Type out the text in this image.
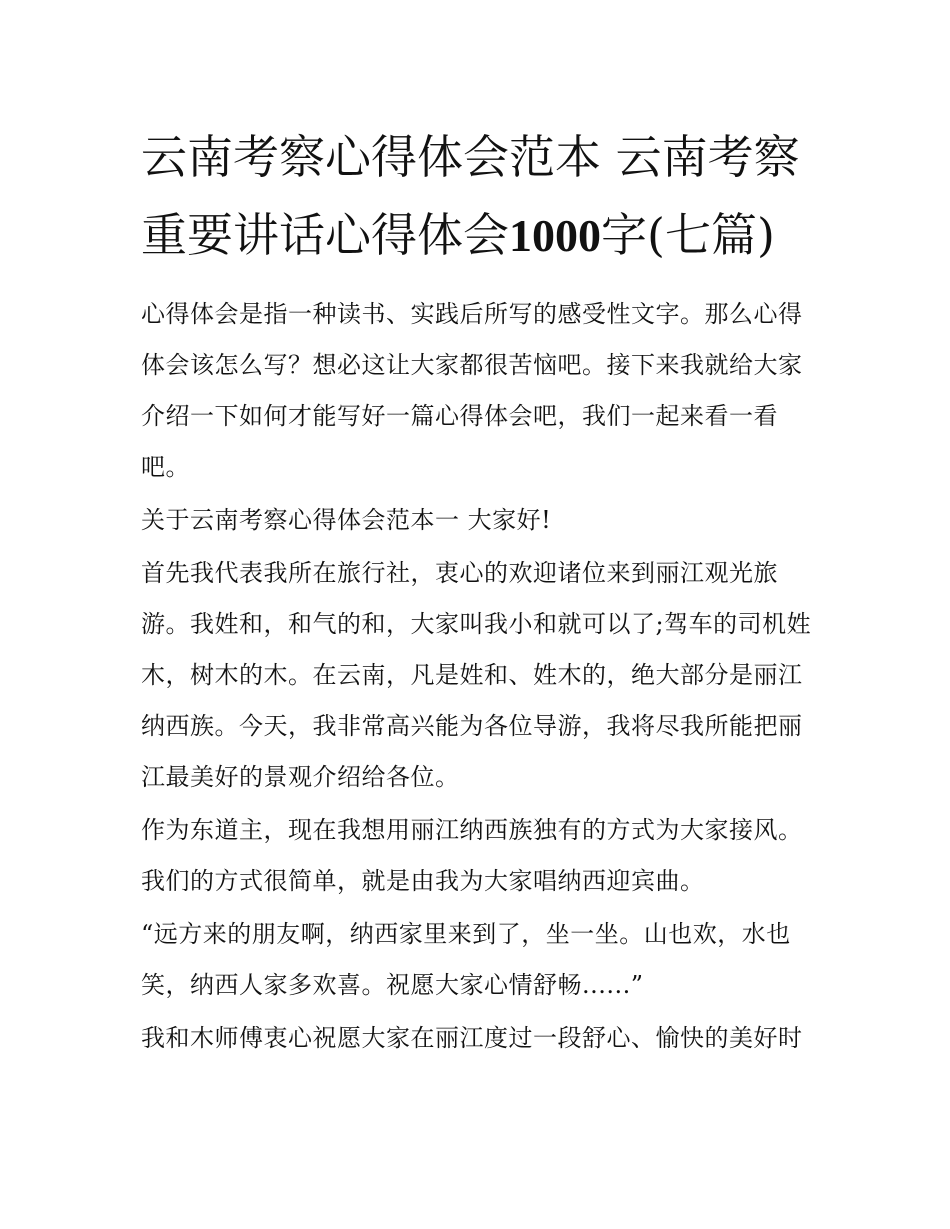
云南考察心得体会范本 云南考察重要讲话心得体会1000字(七篇)

心得体会是指一种读书、实践后所写的感受性文字。那么心得体会该怎么写？想必这让大家都很苦恼吧。接下来我就给大家介绍一下如何才能写好一篇心得体会吧，我们一起来看一看吧。

关于云南考察心得体会范本一 大家好!

首先我代表我所在旅行社，衷心的欢迎诸位来到丽江观光旅游。我姓和，和气的和，大家叫我小和就可以了;驾车的司机姓木，树木的木。在云南，凡是姓和、姓木的，绝大部分是丽江纳西族。今天，我非常高兴能为各位导游，我将尽我所能把丽江最美好的景观介绍给各位。

作为东道主，现在我想用丽江纳西族独有的方式为大家接风。我们的方式很简单，就是由我为大家唱纳西迎宾曲。

“远方来的朋友啊，纳西家里来到了，坐一坐。山也欢，水也笑，纳西人家多欢喜。祝愿大家心情舒畅......”

我和木师傅衷心祝愿大家在丽江度过一段舒心、愉快的美好时
